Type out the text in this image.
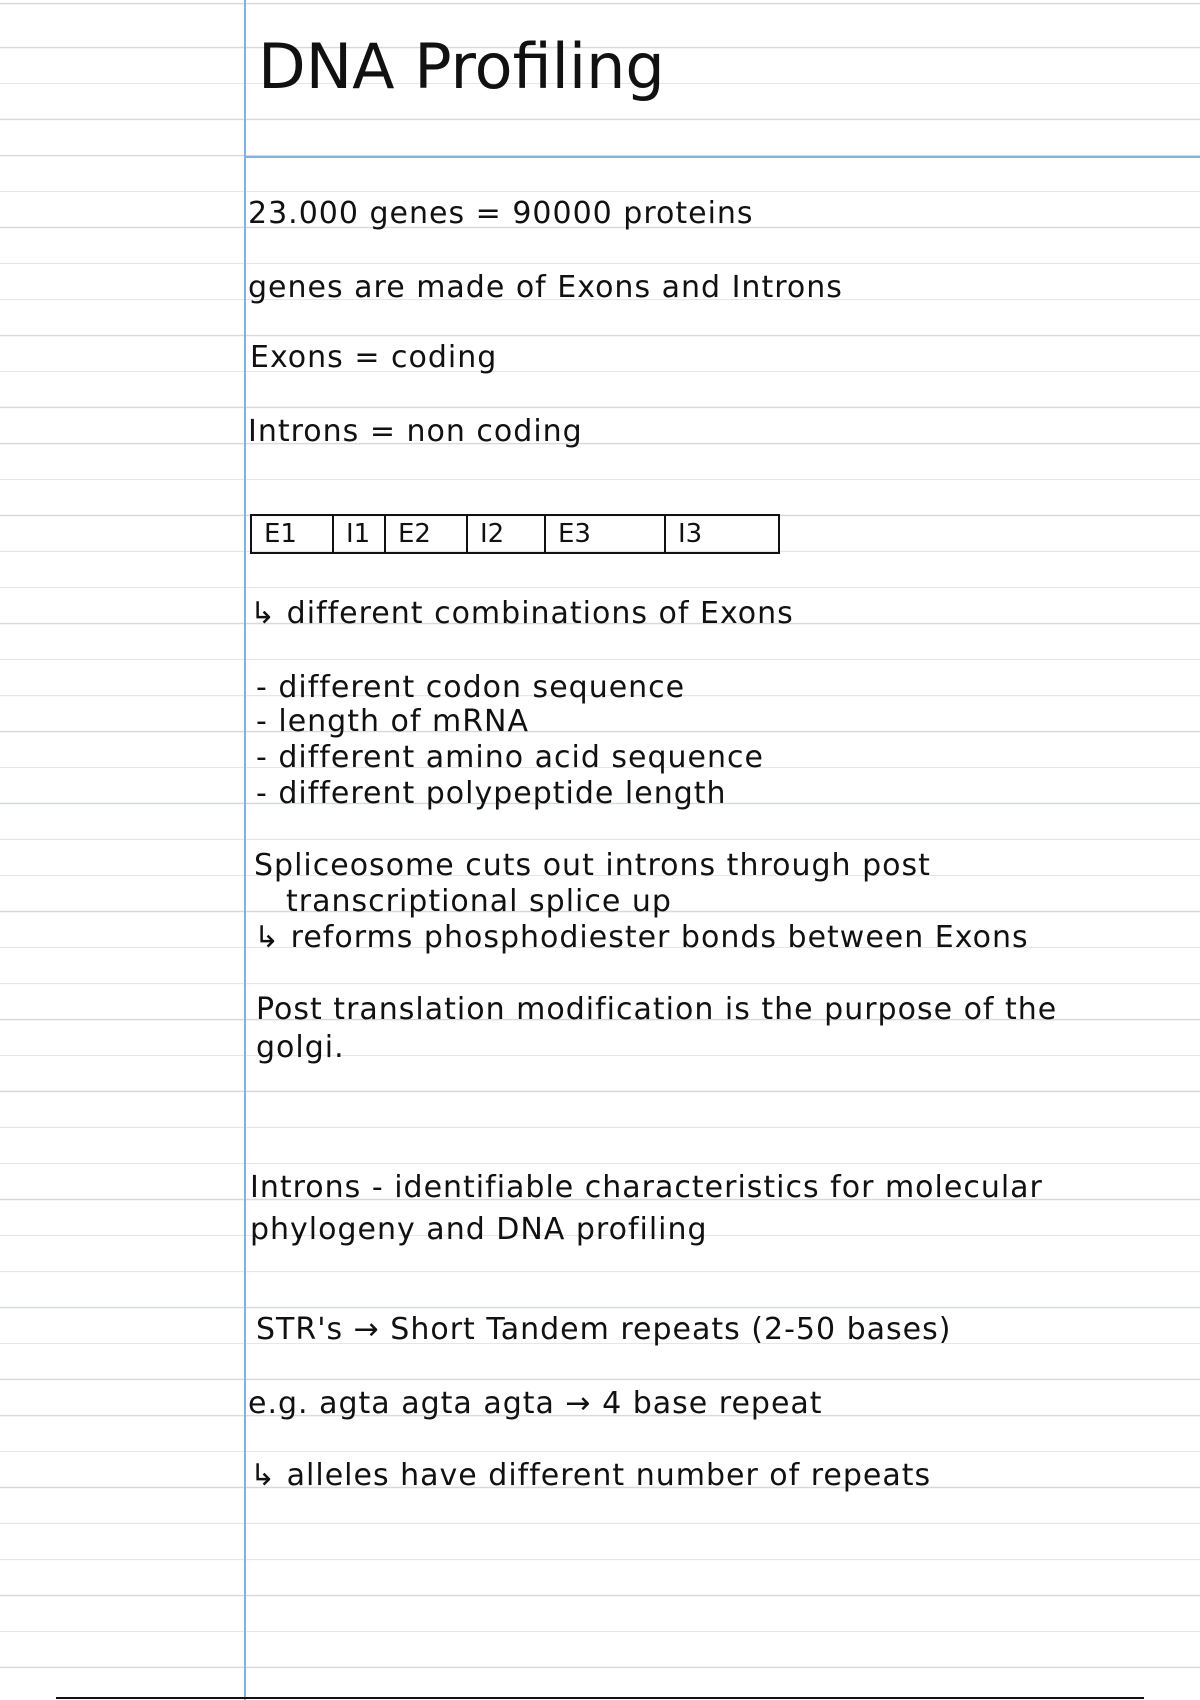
DNA Profiling
23.000 genes = 90000 proteins
genes are made of Exons and Introns
Exons = coding
Introns = non coding
E1	I1	E2	I2	E3	I3
↳ different combinations of Exons
- different codon sequence
- length of mRNA
- different amino acid sequence
- different polypeptide length
Spliceosome cuts out introns through post
transcriptional splice up
↳ reforms phosphodiester bonds between Exons
Post translation modification is the purpose of the
golgi.
Introns - identifiable characteristics for molecular
phylogeny and DNA profiling
STR's → Short Tandem repeats (2-50 bases)
e.g. agta agta agta → 4 base repeat
↳ alleles have different number of repeats
